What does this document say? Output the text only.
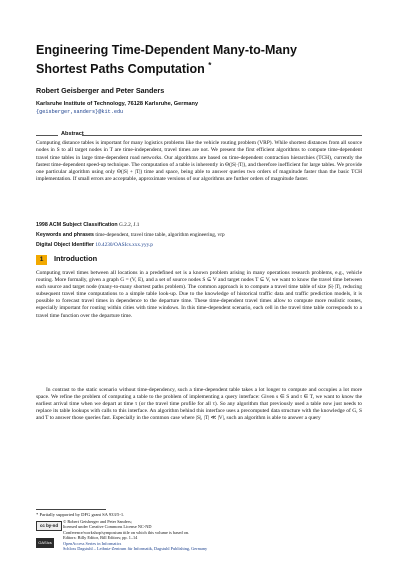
Engineering Time-Dependent Many-to-Many
Shortest Paths Computation *
Robert Geisberger and Peter Sanders
Karlsruhe Institute of Technology, 76128 Karlsruhe, Germany
{geisberger,sanders}@kit.edu
Abstract
Computing distance tables is important for many logistics problems like the vehicle routing problem (VRP). While shortest distances from all source nodes in S to all target nodes in T are time-independent, travel times are not. We present the first efficient algorithms to compute time-dependent travel time tables in large time-dependent road networks. Our algorithms are based on time-dependent contraction hierarchies (TCH), currently the fastest time-dependent speed-up technique. The computation of a table is inherently in Θ(|S|·|T|), and therefore inefficient for large tables. We provide one particular algorithm using only Θ(|S| + |T|) time and space, being able to answer queries two orders of magnitude faster than the basic TCH implementation. If small errors are acceptable, approximate versions of our algorithms are further orders of magnitude faster.
1998 ACM Subject Classification G.2.2, J.1
Keywords and phrases time-dependent, travel time table, algorithm engineering, vrp
Digital Object Identifier 10.4230/OASIcs.xxx.yyy.p
1 Introduction
Computing travel times between all locations in a predefined set is a known problem arising in many operations research problems, e.g., vehicle routing. More formally, given a graph G = (V, E), and a set of source nodes S ⊆ V and target nodes T ⊆ V, we want to know the travel time between each source and target node (many-to-many shortest paths problem). The common approach is to compute a travel time table of size |S|·|T|, reducing subsequent travel time computations to a simple table look-up. Due to the knowledge of historical traffic data and traffic prediction models, it is possible to forecast travel times in dependence to the departure time. These time-dependent travel times allow to compute more realistic routes, especially important for routing within cities with time windows. In this time-dependent scenario, each cell in the travel time table corresponds to a travel time function over the departure time.
In contrast to the static scenario without time-dependency, such a time-dependent table takes a lot longer to compute and occupies a lot more space. We refine the problem of computing a table to the problem of implementing a query interface: Given s ∈ S and t ∈ T, we want to know the earliest arrival time when we depart at time τ (or the travel time profile for all τ). So any algorithm that previously used a table now just needs to replace its table lookups with calls to this interface. An algorithm behind this interface uses a precomputed data structure with the knowledge of G, S and T to answer those queries fast. Especially in the common case where |S|, |T| ≪ |V|, such an algorithm is able to answer a query
* Partially supported by DFG grant SA 933/5-1.
cc by-nd
OASIcs
© Robert Geisberger and Peter Sanders;
licensed under Creative Commons License NC-ND
Conference/workshop/symposium title on which this volume is based on.
Editors: Billy Editor, Bill Editors; pp. 1–14
OpenAccess Series in Informatics
Schloss Dagstuhl – Leibniz-Zentrum für Informatik, Dagstuhl Publishing, Germany
